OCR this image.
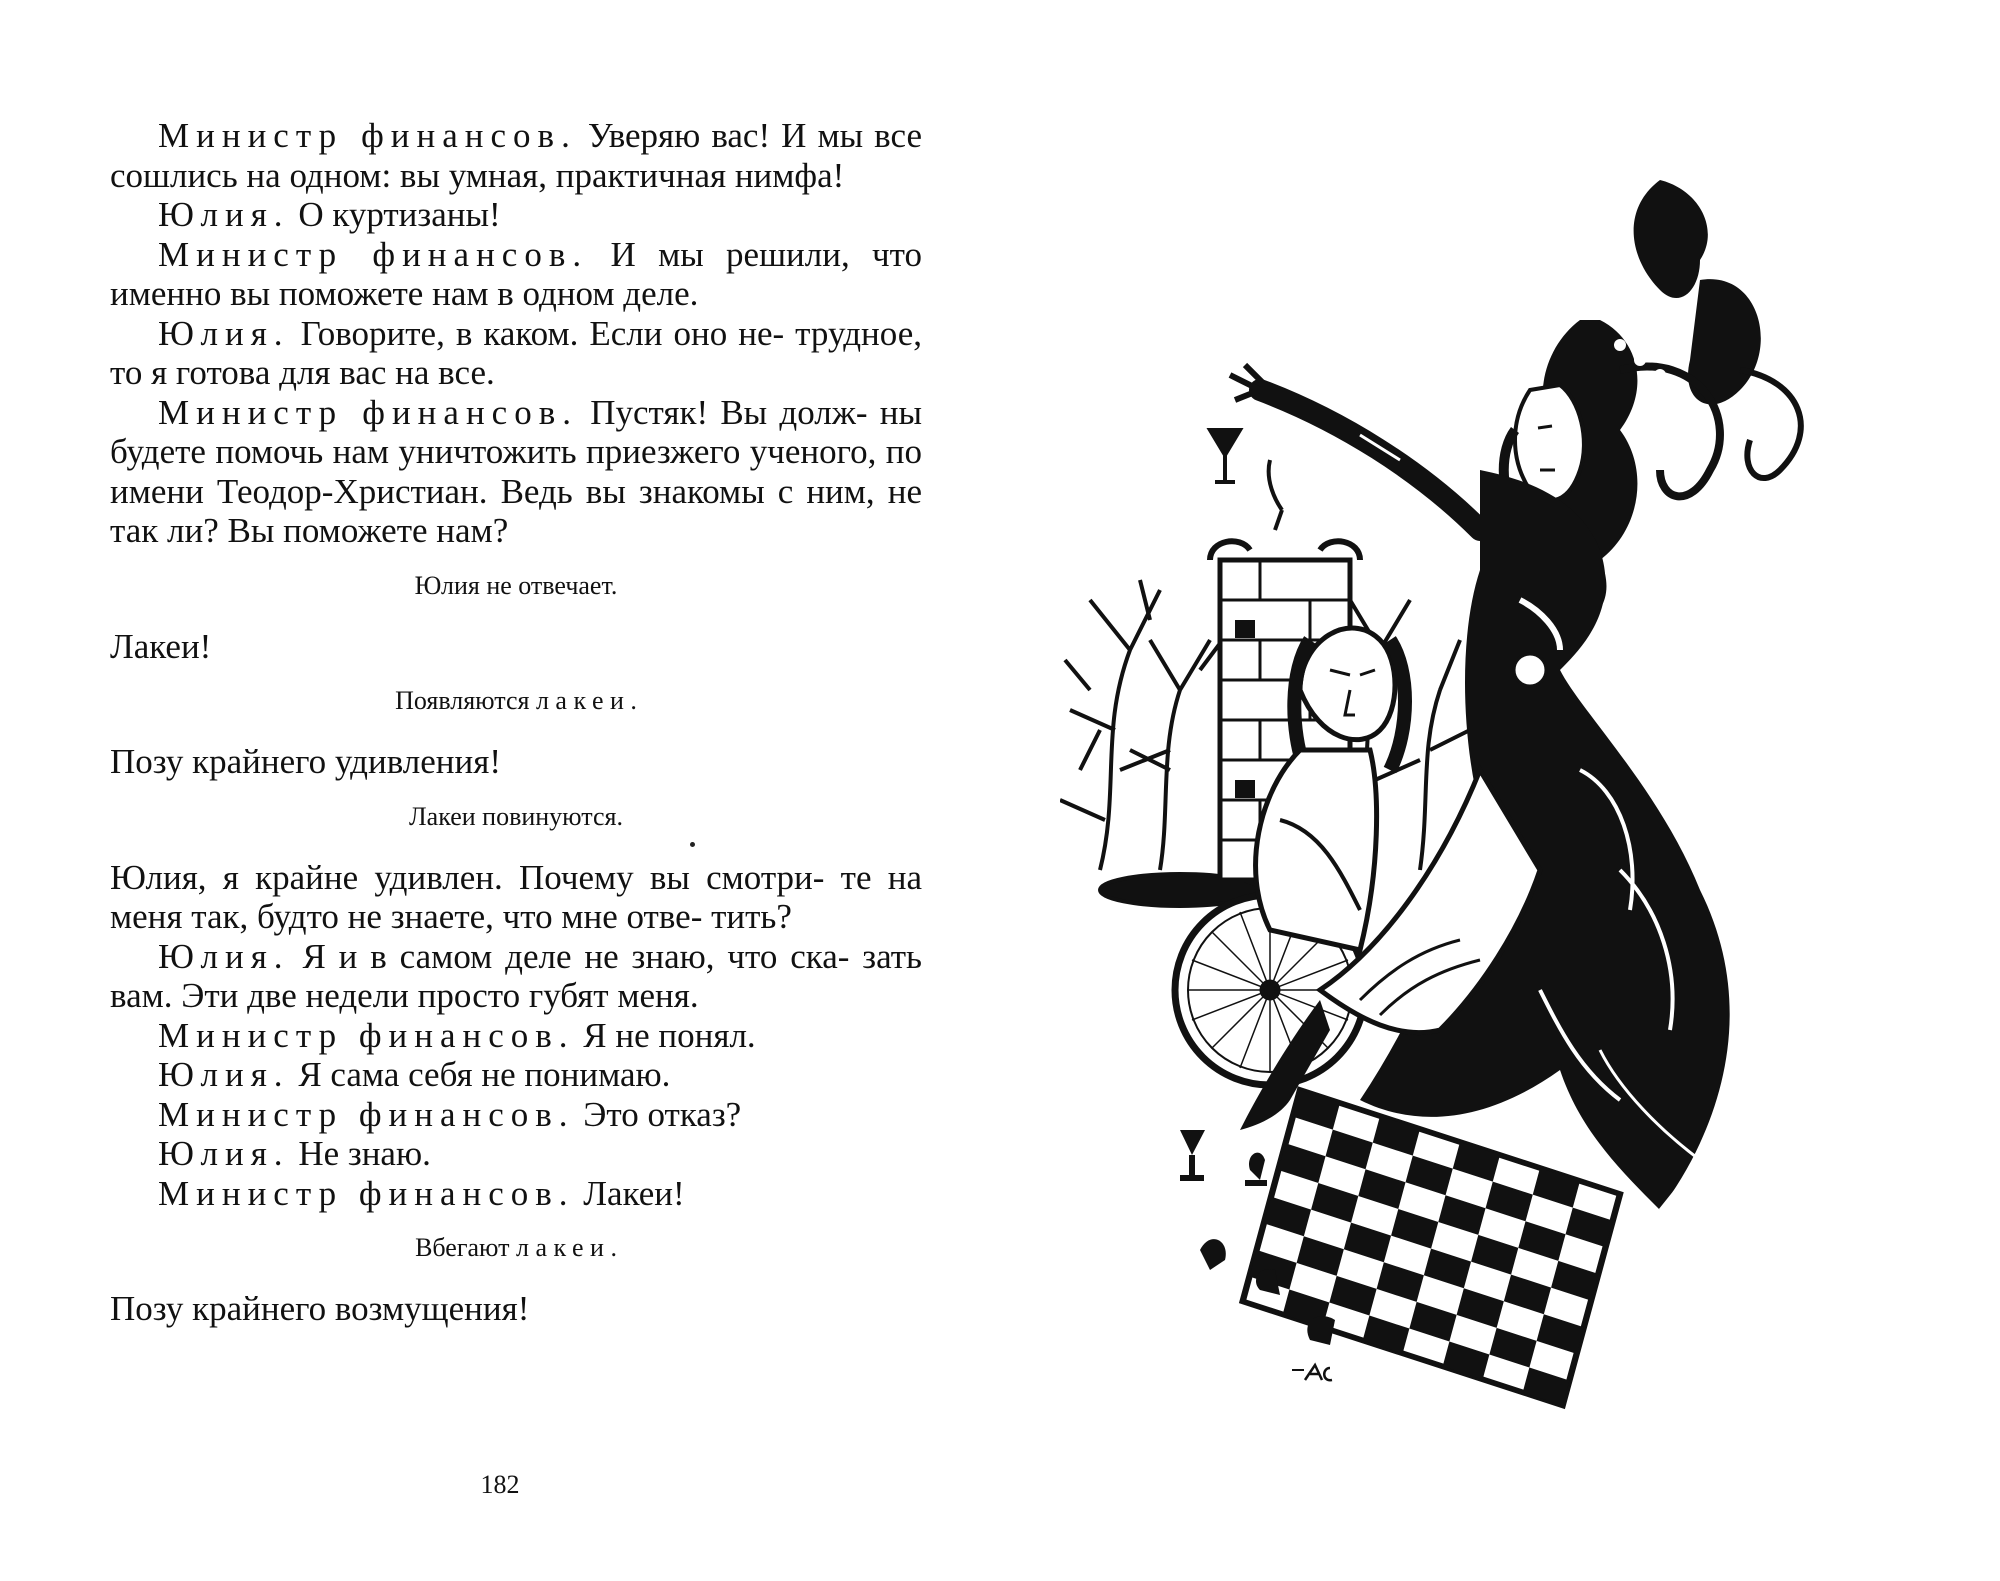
Министр финансов. Уверяю вас! И мы все сошлись на одном: вы умная, практичная нимфа!

Юлия. О куртизаны!

Министр финансов. И мы решили, что именно вы поможете нам в одном деле.

Юлия. Говорите, в каком. Если оно не- трудное, то я готова для вас на все.

Министр финансов. Пустяк! Вы долж- ны будете помочь нам уничтожить приезжего ученого, по имени Теодор-Христиан. Ведь вы знакомы с ним, не так ли? Вы поможете нам?

Юлия не отвечает.

Лакеи!

Появляются лакеи.

Позу крайнего удивления!

Лакеи повинуются.

Юлия, я крайне удивлен. Почему вы смотри- те на меня так, будто не знаете, что мне отве- тить?

Юлия. Я и в самом деле не знаю, что ска- зать вам. Эти две недели просто губят меня.

Министр финансов. Я не понял.

Юлия. Я сама себя не понимаю.

Министр финансов. Это отказ?

Юлия. Не знаю.

Министр финансов. Лакеи!

Вбегают лакеи.

Позу крайнего возмущения!

182
